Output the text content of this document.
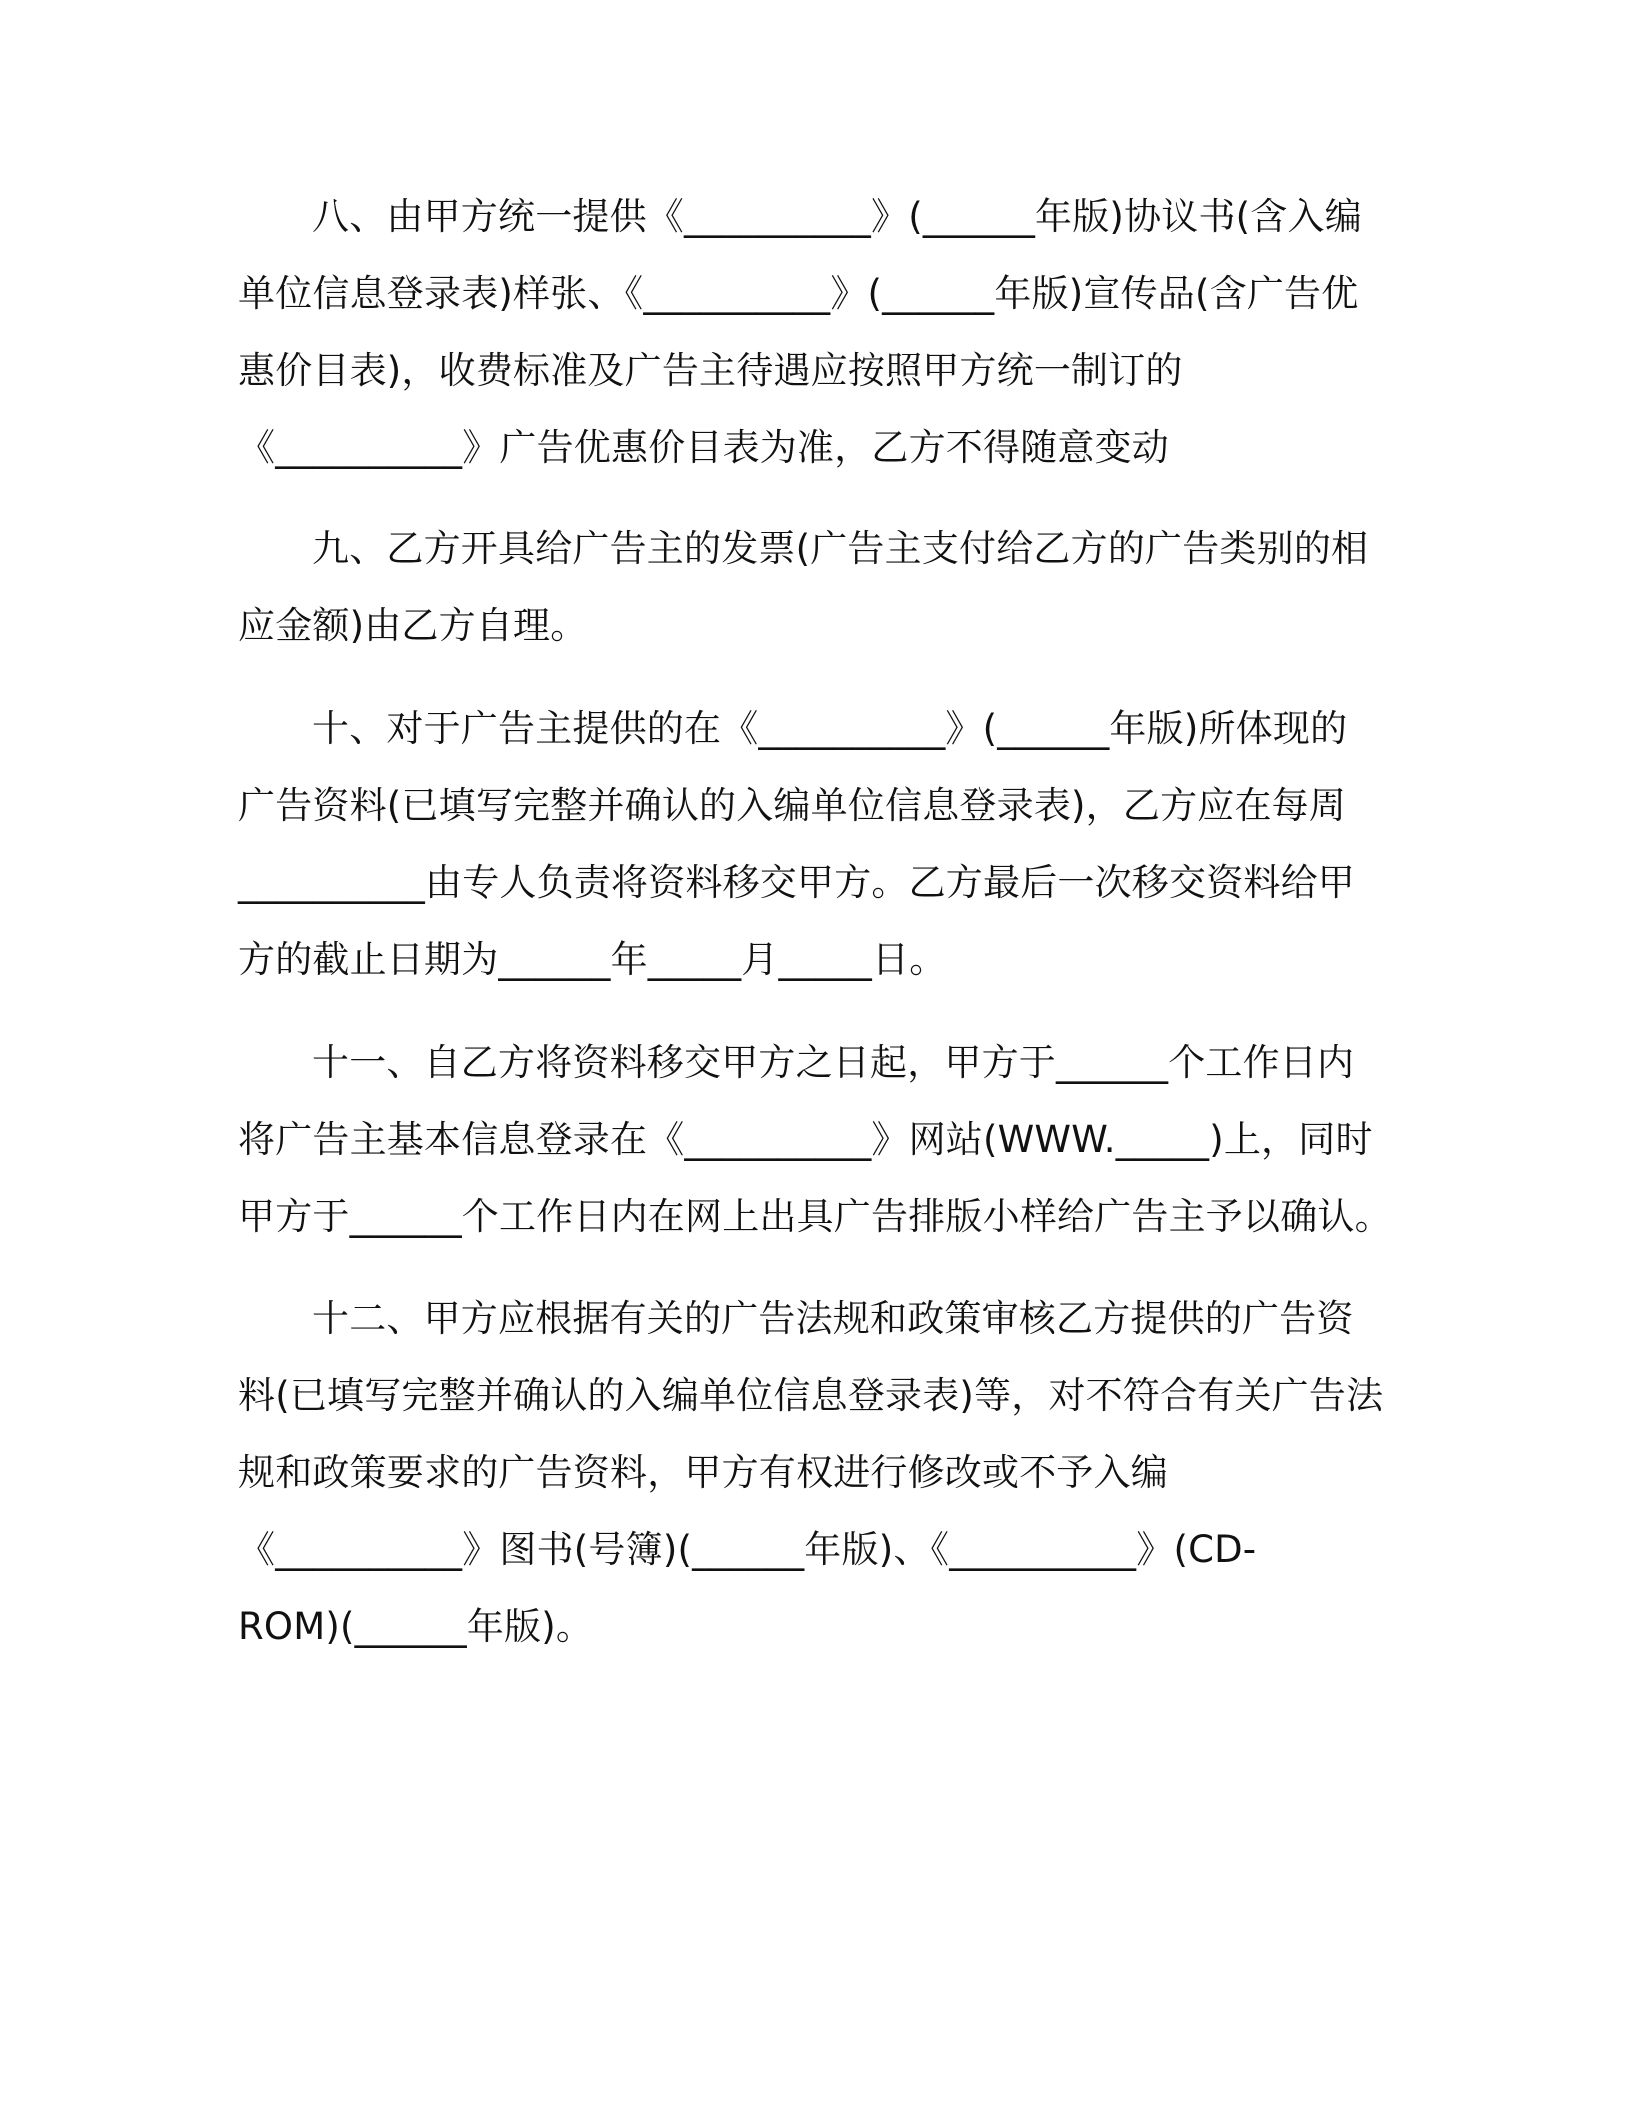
八、由甲方统一提供《__________》(______年版)协议书(含入编
单位信息登录表)样张、《__________》(______年版)宣传品(含广告优
惠价目表)，收费标准及广告主待遇应按照甲方统一制订的
《__________》广告优惠价目表为准，乙方不得随意变动
九、乙方开具给广告主的发票(广告主支付给乙方的广告类别的相
应金额)由乙方自理。
十、对于广告主提供的在《__________》(______年版)所体现的
广告资料(已填写完整并确认的入编单位信息登录表)，乙方应在每周
__________由专人负责将资料移交甲方。乙方最后一次移交资料给甲
方的截止日期为______年_____月_____日。
十一、自乙方将资料移交甲方之日起，甲方于______个工作日内
将广告主基本信息登录在《__________》网站(WWW._____)上，同时
甲方于______个工作日内在网上出具广告排版小样给广告主予以确认。
十二、甲方应根据有关的广告法规和政策审核乙方提供的广告资
料(已填写完整并确认的入编单位信息登录表)等，对不符合有关广告法
规和政策要求的广告资料，甲方有权进行修改或不予入编
《__________》图书(号簿)(______年版)、《__________》(CD-
ROM)(______年版)。
